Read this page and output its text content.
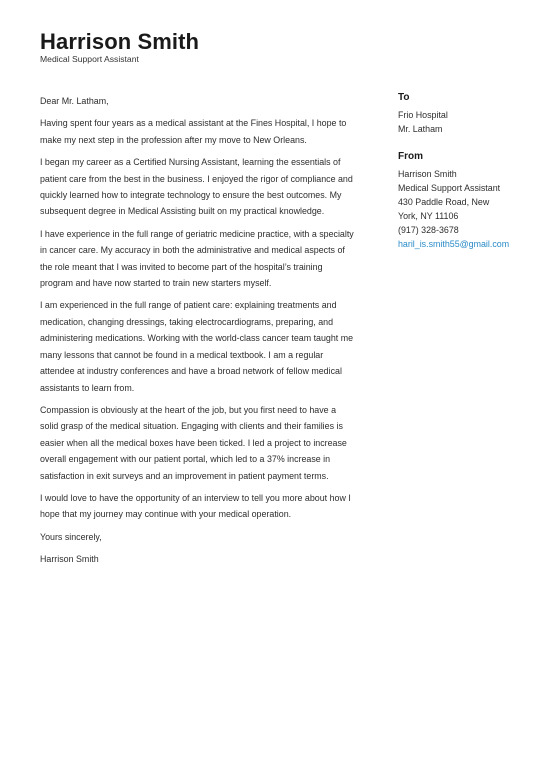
Harrison Smith
Medical Support Assistant

Dear Mr. Latham,

Having spent four years as a medical assistant at the Fines Hospital, I hope to make my next step in the profession after my move to New Orleans.

I began my career as a Certified Nursing Assistant, learning the essentials of patient care from the best in the business. I enjoyed the rigor of compliance and quickly learned how to integrate technology to ensure the best outcomes. My subsequent degree in Medical Assisting built on my practical knowledge.

I have experience in the full range of geriatric medicine practice, with a specialty in cancer care. My accuracy in both the administrative and medical aspects of the role meant that I was invited to become part of the hospital’s training program and have now started to train new starters myself.

I am experienced in the full range of patient care: explaining treatments and medication, changing dressings, taking electrocardiograms, preparing, and administering medications. Working with the world-class cancer team taught me many lessons that cannot be found in a medical textbook. I am a regular attendee at industry conferences and have a broad network of fellow medical assistants to learn from.

Compassion is obviously at the heart of the job, but you first need to have a solid grasp of the medical situation. Engaging with clients and their families is easier when all the medical boxes have been ticked. I led a project to increase overall engagement with our patient portal, which led to a 37% increase in satisfaction in exit surveys and an improvement in patient payment terms.

I would love to have the opportunity of an interview to tell you more about how I hope that my journey may continue with your medical operation.

Yours sincerely,

Harrison Smith

To
Frio Hospital
Mr. Latham
From
Harrison Smith
Medical Support Assistant
430 Paddle Road, New
York, NY 11106
(917) 328-3678
haril_is.smith55@gmail.com
